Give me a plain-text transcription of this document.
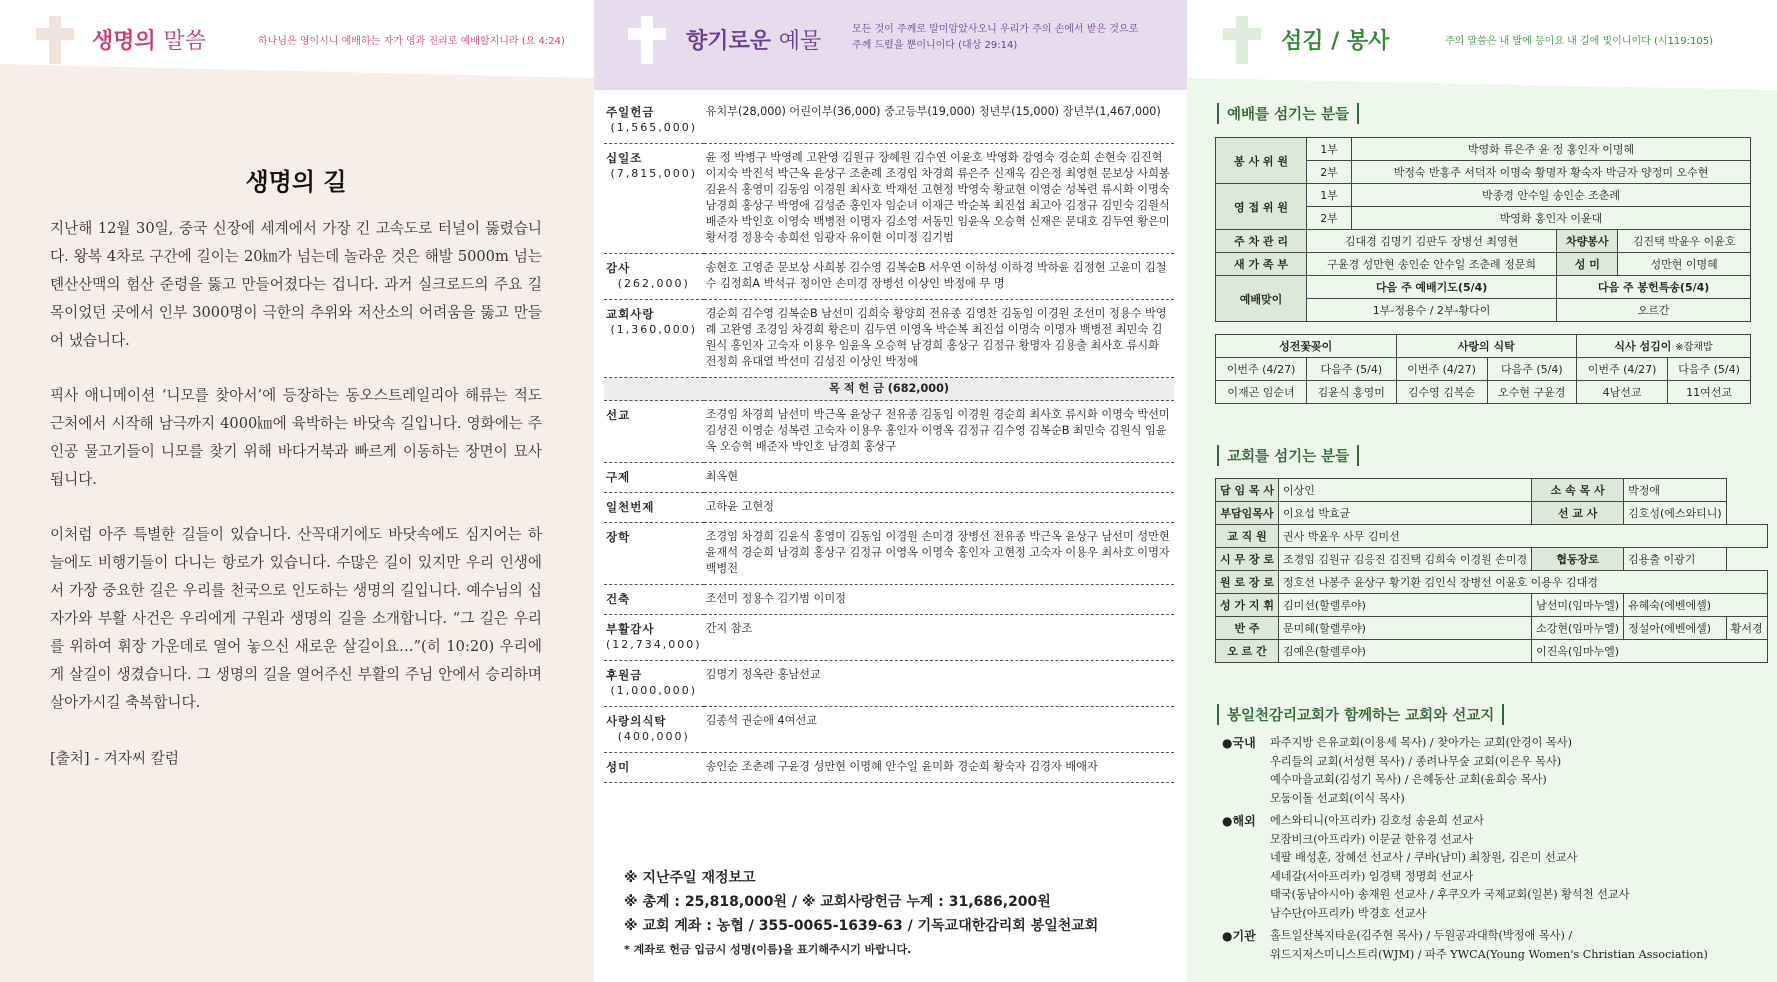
생명의 말씀	하나님은 영이시니 예배하는 자가 영과 진리로 예배할지니라 (요 4:24)
생명의 길

지난해 12월 30일, 중국 신장에 세계에서 가장 긴 고속도로 터널이 뚫렸습니다. 왕복 4차로 구간에 길이는 20㎞가 넘는데 놀라운 것은 해발 5000m 넘는 톈산산맥의 험산 준령을 뚫고 만들어졌다는 겁니다. 과거 실크로드의 주요 길목이었던 곳에서 인부 3000명이 극한의 추위와 저산소의 어려움을 뚫고 만들어 냈습니다.

픽사 애니메이션 ‘니모를 찾아서’에 등장하는 동오스트레일리아 해류는 적도 근처에서 시작해 남극까지 4000㎞에 육박하는 바닷속 길입니다. 영화에는 주인공 물고기들이 니모를 찾기 위해 바다거북과 빠르게 이동하는 장면이 묘사됩니다.

이처럼 아주 특별한 길들이 있습니다. 산꼭대기에도 바닷속에도 심지어는 하늘에도 비행기들이 다니는 항로가 있습니다. 수많은 길이 있지만 우리 인생에서 가장 중요한 길은 우리를 천국으로 인도하는 생명의 길입니다. 예수님의 십자가와 부활 사건은 우리에게 구원과 생명의 길을 소개합니다. “그 길은 우리를 위하여 휘장 가운데로 열어 놓으신 새로운 살길이요…”(히 10:20) 우리에게 살길이 생겼습니다. 그 생명의 길을 열어주신 부활의 주님 안에서 승리하며 살아가시길 축복합니다.

[출처] - 겨자씨 칼럼
향기로운 예물	모든 것이 주께로 말미암았사오니 우리가 주의 손에서 받은 것으로
주께 드렸을 뿐이니이다 (대상 29:14)
주일헌금
(1,565,000)	유치부(28,000) 어린이부(36,000) 중고등부(19,000) 청년부(15,000) 장년부(1,467,000)
십일조
(7,815,000)	윤 정 박병구 박영례 고완영 김원규 장혜원 김수연 이윤호 박영화 강영숙 경순희 손현숙 김진혁 이지숙 박진석 박근옥 윤상구 조춘례 조경임 차경희 류은주 신재욱 김은정 최영현 문보상 사희봉 김윤식 홍영미 김동임 이경원 최사호 박재선 고현정 박영숙 황교현 이영순 성복련 류시화 이명숙 남경희 홍상구 박영애 김성준 홍인자 임순녀 이재근 박순복 최진섭 최고아 김정규 김민숙 김원식 배준자 박인호 이영숙 백병전 이명자 김소영 서동민 임윤옥 오승혁 신재은 문대호 김두연 황은미 황서경 정용숙 송희선 임광자 유이현 이미정 김기범
감사
(262,000)	송현호 고영준 문보상 사희봉 김수영 김복순B 서우연 이하성 이하경 박하윤 김정현 고윤미 김철수 김정희A 박석규 정이안 손미경 장병선 이상인 박정애 무 명
교회사랑
(1,360,000)	경순희 김수영 김복순B 남선미 김희숙 황양희 전유종 김영찬 김동임 이경원 조선미 정용수 박영례 고완영 조경임 차경희 황은미 김두연 이영옥 박순복 최진섭 이명숙 이명자 백병전 최민숙 김원식 홍인자 고숙자 이용우 임윤옥 오승혁 남경희 홍상구 김정규 황명자 김용출 최사호 류시화 전정희 유대열 박선미 김성진 이상인 박정애
목 적 헌 금 (682,000)	
선교	조경임 차경희 남선미 박근옥 윤상구 전유종 김동임 이경원 경순희 최사호 류시화 이명숙 박선미 김성진 이영순 성복련 고숙자 이용우 홍인자 이영옥 김정규 김수영 김복순B 최민숙 김원식 임윤옥 오승혁 배준자 박인호 남경희 홍상구
구제	최옥현
일천번제	고하윤 고현정
장학	조경임 차경희 김윤식 홍영미 김동임 이경원 손미경 장병선 전유종 박근옥 윤상구 남선미 성만현 윤재석 경순희 남경희 홍상구 김정규 이영옥 이명숙 홍인자 고현정 고숙자 이용우 최사호 이명자 백병전
건축	조선미 정용수 김기범 이미정
부활감사
(12,734,000)	간지 참조
후원금
(1,000,000)	김명기 정옥란 홍남선교
사랑의식탁
(400,000)	김종석 권순애 4여선교
성미	송인순 조춘례 구윤경 성만현 이명혜 안수일 윤미화 경순희 황숙자 김경자 배애자
※ 지난주일 재정보고
※ 총계 : 25,818,000원 / ※ 교회사랑헌금 누계 : 31,686,200원
※ 교회 계좌 : 농협 / 355-0065-1639-63 / 기독교대한감리회 봉일천교회
* 계좌로 헌금 입금시 성명(이름)을 표기해주시기 바랍니다.
섬김 / 봉사	주의 말씀은 내 발에 등이요 내 길에 빛이니이다 (시119:105)
예배를 섬기는 분들
교회를 섬기는 분들
봉일천감리교회가 함께하는 교회와 선교지
봉 사 위 원	1부	박영화 류은주 윤 정 홍인자 이명혜		
	2부	박정숙 반홍주 서덕자 이명숙 황명자 황숙자 박금자 양정미 오수현		
영 접 위 원	1부	박종경 안수일 송인순 조춘례		
	2부	박영화 홍인자 이윤대		
주 차 관 리	김대경 김명기 김판두 장병선 최영현		차량봉사	김진택 박윤우 이윤호
새 가 족 부	구윤경 성만현 송인순 안수일 조춘례 정문희		성 미	성만현 이명혜
예배맞이	다음 주 예배기도(5/4)		다음 주 봉헌특송(5/4)	
	1부-정용수 / 2부-황다이		오르간	
성전꽃꽂이		사랑의 식탁		식사 섬김이 ※잡채밥	
이번주 (4/27)	다음주 (5/4)	이번주 (4/27)	다음주 (5/4)	이번주 (4/27)	다음주 (5/4)
이재곤 임순녀	김윤식 홍영미	김수영 김복순	오수현 구윤경	4남선교	11여선교
담 임 목 사	이상인	소 속 목 사	박정애	
부담임목사	이요섭 박효균	선 교 사	김호성(에스와티니)	
교 직 원	권사 박윤우 사무 김미선			
시 무 장 로	조경임 김원규 김응진 김진택 김희숙 이경원 손미경	협동장로	김용출 이광기	
원 로 장 로	정호선 나봉주 윤상구 황기환 김인식 장병선 이윤호 이용우 김대경			
성 가 지 휘	김미선(할렐루야)	남선미(임마누엘)	유혜숙(에벤에셀)	
반 주	문미혜(할렐루야)	소강현(임마누엘)	정설아(에벤에셀)	황서경
오 르 간	김예은(할렐루야)	이진옥(임마누엘)		
●국내	파주지방 은유교회(이용세 목사) / 찾아가는 교회(안경이 목사)
우리들의 교회(서성현 목사) / 종려나무숲 교회(이은우 목사)
예수마을교회(김성기 목사) / 은혜동산 교회(윤희승 목사)
모둠이돌 선교회(이식 목사)
●해외	에스와티니(아프리카) 김호성 송윤희 선교사
모잠비크(아프리카) 이문균 한유경 선교사
네팔 배성훈, 장혜선 선교사 / 쿠바(남미) 최창원, 김은미 선교사
세네갈(서아프리카) 임경택 정명희 선교사
태국(동남아시아) 송재원 선교사 / 후쿠오카 국제교회(일본) 황석천 선교사
남수단(아프리카) 박경호 선교사
●기관	홀트일산복지타운(김주현 목사) / 두원공과대학(박정애 목사) /
위드지저스미니스트리(WJM) / 파주 YWCA(Young Women's Christian Association)
